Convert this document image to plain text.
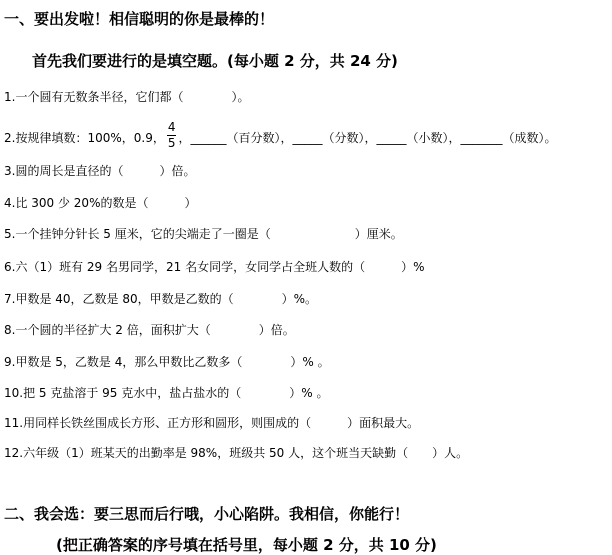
一、要出发啦！相信聪明的你是最棒的！
首先我们要进行的是填空题。(每小题 2 分，共 24 分)
1.一个圆有无数条半径，它们都（　　　　）。
2.按规律填数：100%，0.9， $\frac{4}{5}$ ，______（百分数），_____（分数），_____（小数），_______（成数）。
3.圆的周长是直径的（　　　）倍。
4.比 300 少 20%的数是（　　　）
5.一个挂钟分针长 5 厘米，它的尖端走了一圈是（　　　　　　　）厘米。
6.六（1）班有 29 名男同学，21 名女同学，女同学占全班人数的（　　　）%
7.甲数是 40，乙数是 80，甲数是乙数的（　　　　）%。
8.一个圆的半径扩大 2 倍，面积扩大（　　　　）倍。
9.甲数是 5，乙数是 4，那么甲数比乙数多（　　　　）% 。
10.把 5 克盐溶于 95 克水中，盐占盐水的（　　　　）% 。
11.用同样长铁丝围成长方形、正方形和圆形，则围成的（　　　）面积最大。
12.六年级（1）班某天的出勤率是 98%，班级共 50 人，这个班当天缺勤（　　）人。
二、我会选：要三思而后行哦，小心陷阱。我相信，你能行！
(把正确答案的序号填在括号里，每小题 2 分，共 10 分)
